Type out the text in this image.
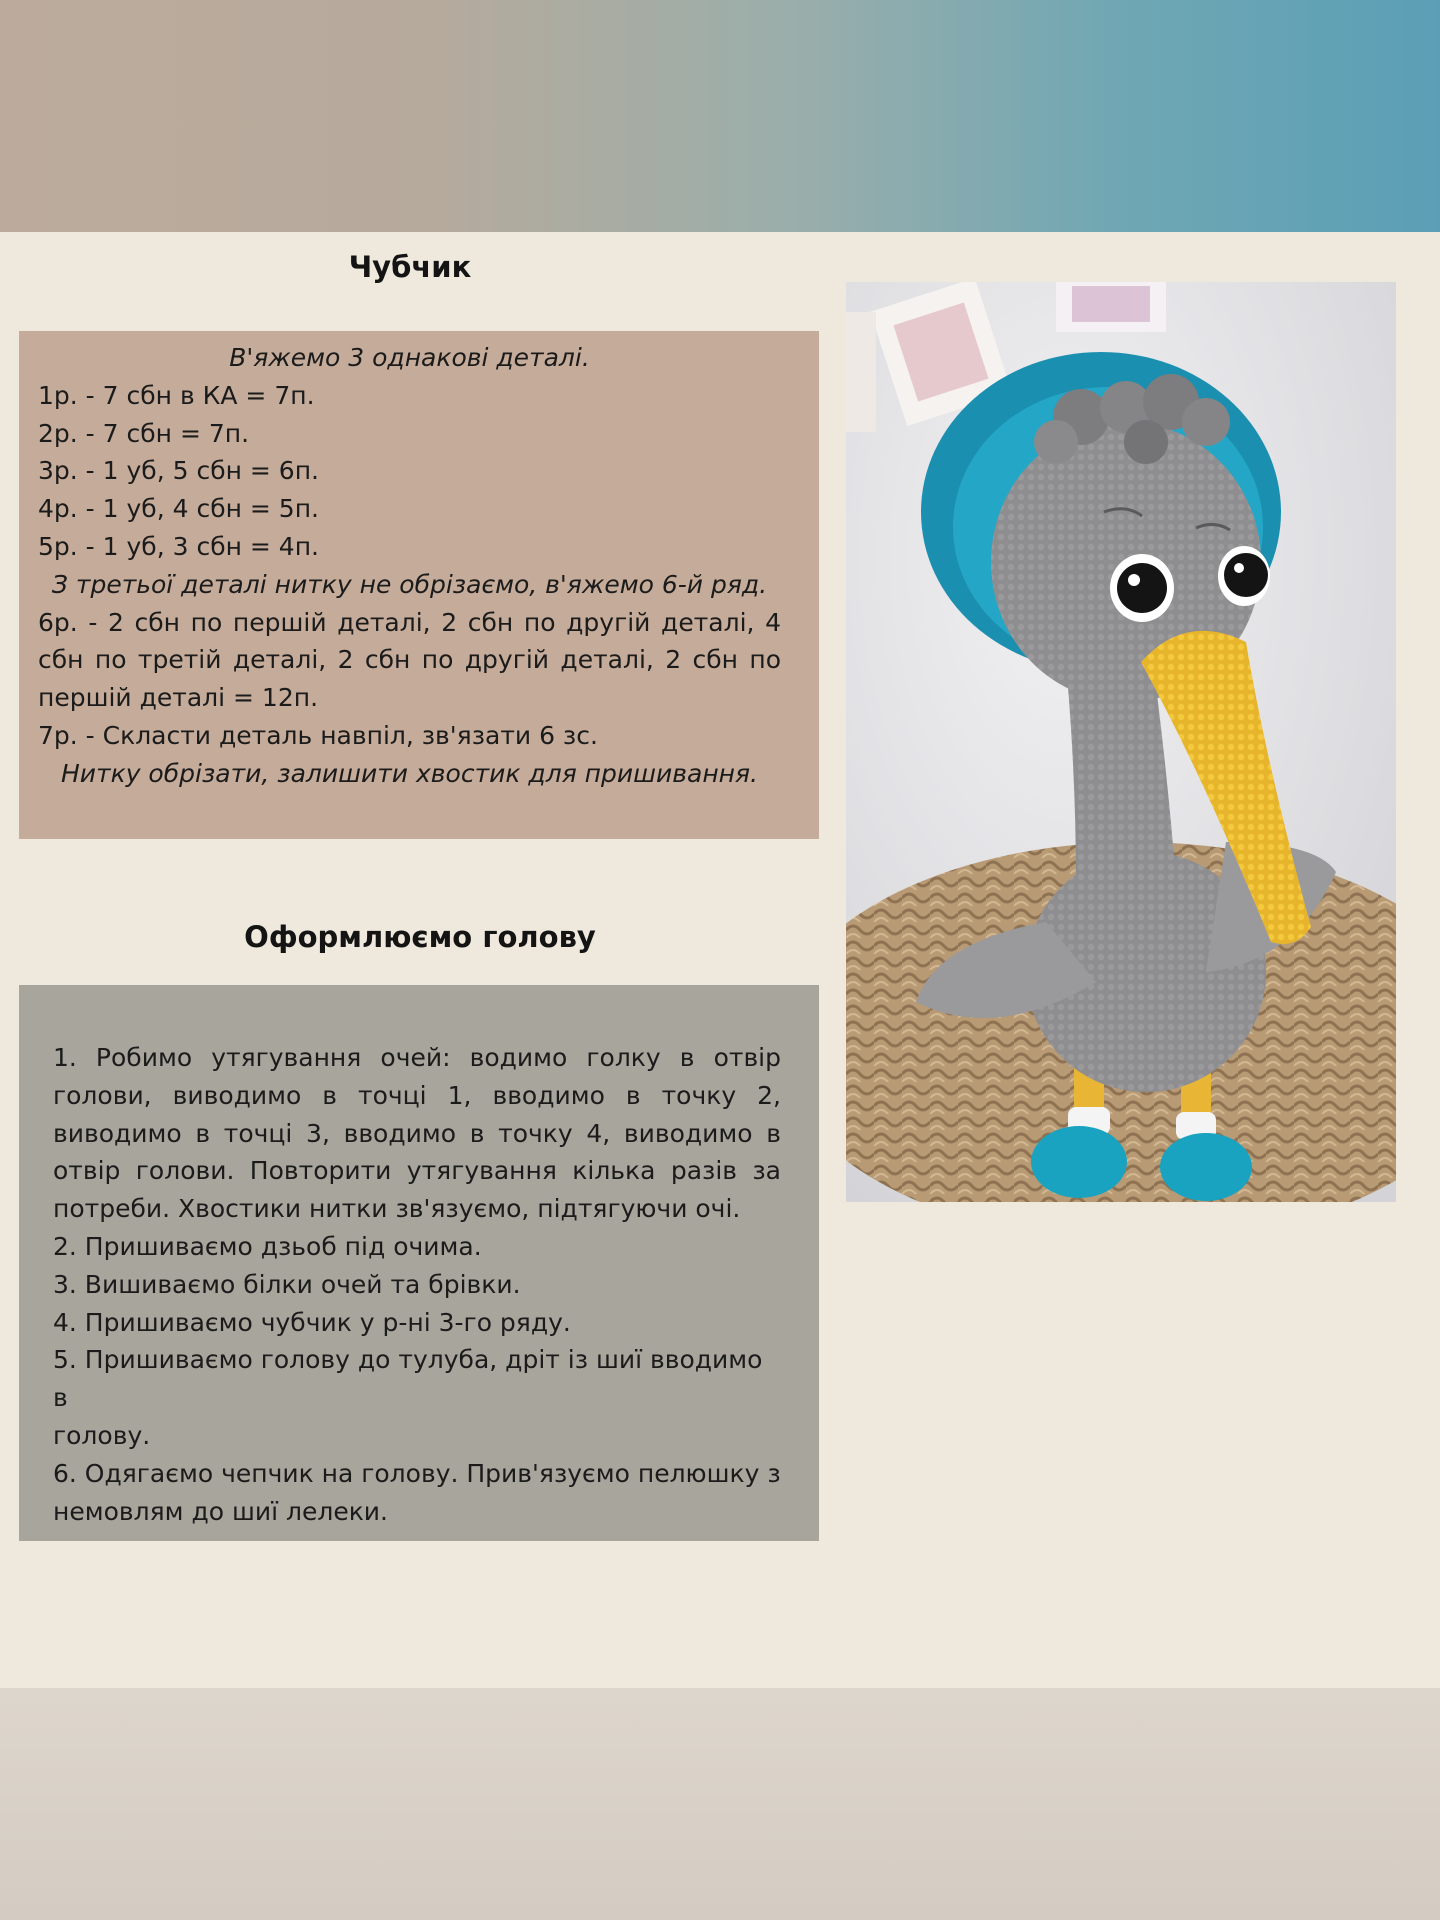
Чубчик

В'яжемо 3 однакові деталі.

1р. - 7 сбн в КА = 7п.

2р. - 7 сбн = 7п.

3р. - 1 уб, 5 сбн = 6п.

4р. - 1 уб, 4 сбн = 5п.

5р. - 1 уб, 3 сбн = 4п.

З третьої деталі нитку не обрізаємо, в'яжемо 6-й ряд.

6р. - 2 сбн по першій деталі, 2 сбн по другій деталі, 4

сбн по третій деталі, 2 сбн по другій деталі, 2 сбн по

першій деталі = 12п.

7р. - Скласти деталь навпіл, зв'язати 6 зс.

Нитку обрізати, залишити хвостик для пришивання.

Оформлюємо голову

1. Робимо утягування очей: водимо голку в отвір

голови, виводимо в точці 1, вводимо в точку 2,

виводимо в точці 3, вводимо в точку 4, виводимо в

отвір голови. Повторити утягування кілька разів за

потреби. Хвостики нитки зв'язуємо, підтягуючи очі.

2. Пришиваємо дзьоб під очима.

3. Вишиваємо білки очей та брівки.

4. Пришиваємо чубчик у р-ні 3-го ряду.

5. Пришиваємо голову до тулуба, дріт із шиї вводимо в

голову.

6. Одягаємо чепчик на голову. Прив'язуємо пелюшку з

немовлям до шиї лелеки.
